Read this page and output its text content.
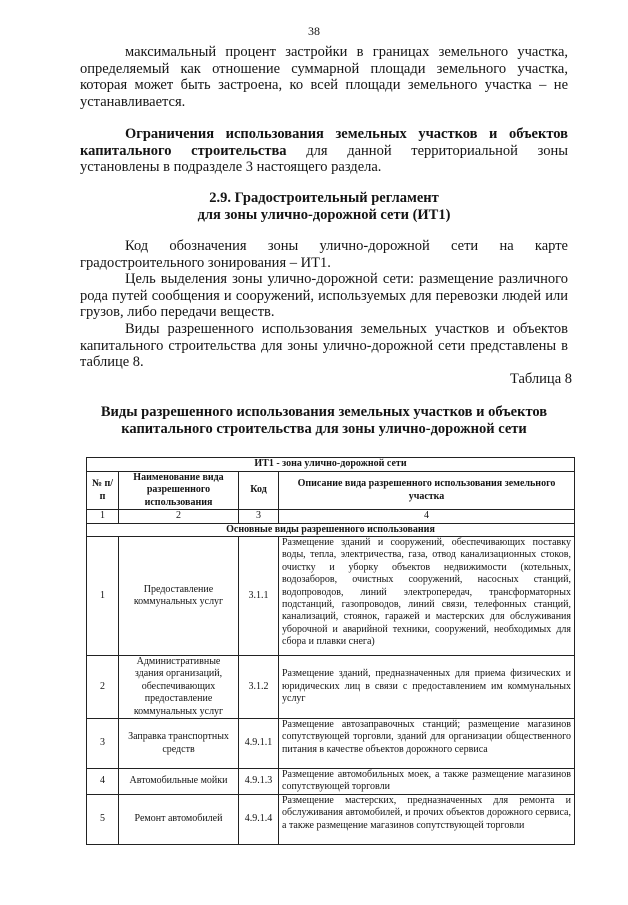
38

максимальный процент застройки в границах земельного участка, определяемый как отношение суммарной площади земельного участка, которая может быть застроена, ко всей площади земельного участка – не устанавливается.

Ограничения использования земельных участков и объектов капитального строительства для данной территориальной зоны установлены в подразделе 3 настоящего раздела.

2.9. Градостроительный регламент
для зоны улично-дорожной сети (ИТ1)

Код обозначения зоны улично-дорожной сети на карте градостроительного зонирования – ИТ1.

Цель выделения зоны улично-дорожной сети: размещение различного рода путей сообщения и сооружений, используемых для перевозки людей или грузов, либо передачи веществ.

Виды разрешенного использования земельных участков и объектов капитального строительства для зоны улично-дорожной сети представлены в таблице 8.

Таблица 8
Виды разрешенного использования земельных участков и объектов
капитального строительства для зоны улично-дорожной сети
ИТ1 - зона улично-дорожной сети			
№ п/п	Наименование вида разрешенного использования	Код	Описание вида разрешенного использования земельного участка
1	2	3	4
Основные виды разрешенного использования			
1	Предоставление коммунальных услуг	3.1.1	Размещение зданий и сооружений, обеспечивающих поставку воды, тепла, электричества, газа, отвод канализационных стоков, очистку и уборку объектов недвижимости (котельных, водозаборов, очистных сооружений, насосных станций, водопроводов, линий электропередач, трансформаторных подстанций, газопроводов, линий связи, телефонных станций, канализаций, стоянок, гаражей и мастерских для обслуживания уборочной и аварийной техники, сооружений, необходимых для сбора и плавки снега)
2	Административные здания организаций, обеспечивающих предоставление коммунальных услуг	3.1.2	Размещение зданий, предназначенных для приема физических и юридических лиц в связи с предоставлением им коммунальных услуг
3	Заправка транспортных средств	4.9.1.1	Размещение автозаправочных станций; размещение магазинов сопутствующей торговли, зданий для организации общественного питания в качестве объектов дорожного сервиса
4	Автомобильные мойки	4.9.1.3	Размещение автомобильных моек, а также размещение магазинов сопутствующей торговли
5	Ремонт автомобилей	4.9.1.4	Размещение мастерских, предназначенных для ремонта и обслуживания автомобилей, и прочих объектов дорожного сервиса, а также размещение магазинов сопутствующей торговли
